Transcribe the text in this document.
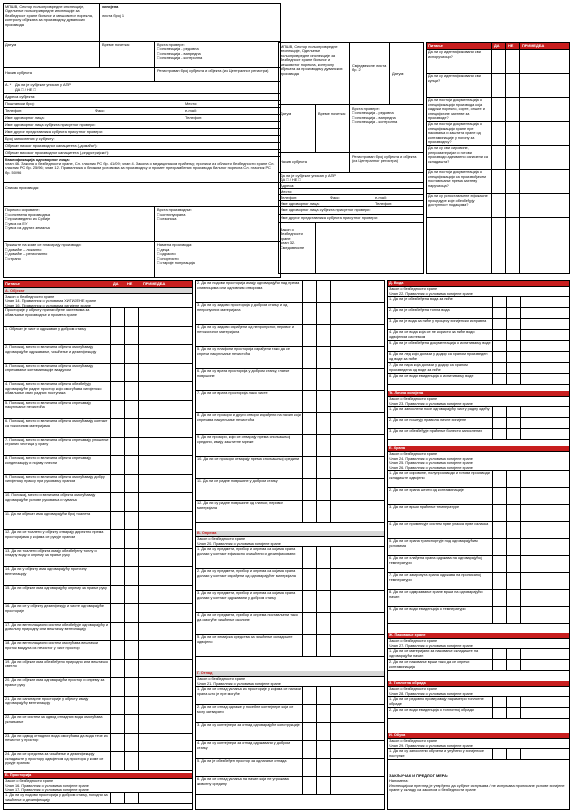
МПШВ, Сектор пољопривредне инспекције, Одељење пољопривредне инспекције за безбедност хране биљног и мешовитог порекла, контролу објеката за производњу дуванских производа
хигијена
листа број 1
Датум	Време почетка:	Врста провере:
□ инспекција - редовна
□ инспекција - ванредна
□ инспекција - контролна
Назив субјекта	Регистрован број субјекта и објекта (из Централног регистра)
А. * Да ли је субјекат уписан у АПР
ДА □ / НЕ □
Адреса субјекта:
Поштански број:	Место:
Телефон:	Факс:	e-mail:
Име одговорног лица:	Телефон:
Име одговорног лица субјекта присутног провери:
Име другог представника субјекта присутног провери:
Број запослених у субјекту:
Објекат ниског производног капацитета („домаћи“):
Објекат високог производног капацитета („индустријски“):
Квалификација одговорног лица:
члан 46. Закона о безбедности хране, Сл. гласник РС бр. 41/09; члан 4. Закона о медицинском праћењу; прописи из области безбедности хране Сл. гласник РС бр. 25/96; члан 12. Правилника о ближим условима за производњу и промет прехрамбених производа биљног порекла Сл. гласник РС бр. 50/96
Списак производа:
Порекло сировине:
□ сопствена производња
□ произведено из Србије
□ увоз из ЕУ
□ увоз из других земаља
Врста производње:
□ континуирана
□ сезонска
Тржиште на коме се пласирају производи:
□ домаће – локално
□ домаће – регионално
□ страно
Намена производа:
□ деца
□ одрасли
□ спортисти
□ старије популација
МПШВ, Сектор пољопривредне инспекције, Одељење пољопривредне инспекције за безбедност хране биљног и мешовитог порекла, контролу објеката за производњу дуванских производа
Смједвексне листа бр. 2
Датум:
Датум	Време почетка:
Врста провере:
□ инспекција - редовна
□ инспекција - ванредна
□ инспекција - контролна
Назив субјекта
Регистрован број субјекта и објекта (из Централног регистра)
Да ли је субјекат уписан у АПР
ДА □ / НЕ □
Адреса:
Место:
Телефон:	Факс:	e-mail:
Име одговорног лица:	Телефон:
Име одговорног лица субјекта присутног провери:
Име другог представника субјекта присутног провери:
Закон о безбедности хране
члан 32.
Смедовексне
Питање	ДА	НЕ	ПРИМЕДБА
Да ли су идентификовани сви испоручиоци?
Да ли су идентификовани сви купци?
Да ли постоји документација о спецификацији производа која садржи порекло, сорте, опште и специфичне захтеве за производе?
Да ли постоји документација о спецификацији хране пре паковања и заштита хране од контаминације у погону за производњу?
Да ли су сви сировине, репроматеријал и готови производи адекватно означени са складишта?
Да ли постоји документација о спецификацији са произвођачем постављање према захтеву наручиоца?
Да ли су успостављене ефикасне процедуре које обезбеђују доступност подацима?
Питање	ДА	НЕ	ПРИМЕДБА
А. Објекат
Закон о безбедности хране
Члан 14. Правилник о условима ХИГИЈЕНЕ хране
Члан 16. Правилник о условима хигијене хране
Просторије у објекту прилагођене захтевима за обављање производње и промета хране
1. Објекат је чист и одржаван у добром стању
2. Положај, место и величина објекта омогућавају одговарајуће одржавање, чишћење и дезинфекцију
3. Положај, место и величина објекта омогућавају спречавање контаминације ваздухом
4. Положај, место и величина објекта обезбеђују одговарајуће радне простор који омогућава хигијенско обављање свих радних поступака
5. Положај, место и величина објекта спречавају накупљање нечистоћа
6. Положај, место и величина објекта омогућавају контакт са токсичним материјама
7. Положај, место и величина објекта спречавају уношење страних честица у храну
8. Положај, место и величина објекта спречавају кондензацију и појаву плесни
9. Положај, место и величина објекта омогућавају добру хигијенску праксу при руковању храном
10. Положај, место и величина објекта омогућавају одговарајуће услове руковања и чувања
11. Да ли објекат има одговарајући број тоалета
12. Да ли се тоалети у објекту отварају директно према просторијама у којима се рукује храном
13. Да ли тоалети објекта имају обезбеђену топлу и хладну воду и опрему за прање руку
14. Да ли у објекту има одговарајућу проточну вентилацију
15. Да ли објекат има одговарајућу опрему за прање руку
16. Да ли се у објекту дезинфекују и чисте одговарајуће просторије
17. Да ли вентилациони систем обезбеђује одговарајућу и довољну природну или вештачку вентилацију
18. Да ли вентилациони систем омогућава вештачки проток ваздуха из нечистог у чист простор
19. Да ли објекат има обезбеђено природно или вештачко светло
20. Да ли објекат има одговарајући простор и опрему за прање руку
21. Да ли санитарне просторије у објекту имају одговарајућу вентилацију
22. Да ли се систем за одвод отпадних вода омогућава уклањање
23. Да ли одвод отпадних вода омогућава да вода тече из нечистог у простор
24. Да ли се средства за чишћење и дезинфекцију складиште у простору одвојеном од простора у коме се рукује храном
Б. Просторија
Закон о безбедности хране
Члан 16. Правилник о условима хигијене хране
Члан 17. Правилник о условима хигијене хране
1. Да ли су подови просторија у добром стању, погодни за чишћење и дезинфекцију
2. Да ли подови просторија имају одговарајући пад према сливницима или одливним отворима
3. Да ли су зидови просторија у добром стању и од непропусних материјала
4. Да ли су зидови израђени од непропусног, перивог и нетоксичног материјала
5. Да ли су плафони просторија израђени тако да се спречи накупљање нечистоћа
6. Да ли су врата просторија у добром стању, глатке површине
7. Да ли се врата просторија лако чисте
8. Да ли се прозори и други отвори израђени на начин који спречава накупљање нечистоћа
9. Да ли прозори, који се отварају према спољашњој средини, имају заштитне мреже
10. Да ли се прозори отварају према спољашњој средини
11. Да ли се радне површине у добром стању
12. Да ли су радне површине од глатког, перивог материјала
В. Опрема
Закон о безбедности хране
Члан 20. Правилник о условима хигијене хране
1. Да ли су предмети, прибор и опрема са којима храна долази у контакт ефикасно очишћени и дезинфиковани
2. Да ли су предмети, прибор и опрема са којима храна долази у контакт израђени од одговарајућег материјала
3. Да ли су предмети, прибор и опрема са којима храна долази у контакт одржавани у добром стању
4. Да ли се предмети, прибор и опрема постављени тако да омогуће чишћење околине
5. Да ли се хемијска средства за чишћење складиште одвојено
Г. Отпад
Закон о безбедности хране
Члан 21. Правилник о условима хигијене хране
1. Да ли се отпад уклања из просторије у којима се налази храна што је пре могуће
2. Да ли се отпад одлаже у посебне контејнере који се могу затварати
3. Да ли су контејнери за отпад одговарајуће конструкције
4. Да ли су контејнери за отпад одржавани у добром стању
5. Да ли је обезбеђен простор за одлагање отпада
6. Да ли се отпад уклања на начин који не угрожава животну средину
Д. Вода
Закон о безбедности хране
Члан 22. Правилник о условима хигијене хране
1. Да ли је обезбеђена вода за пиће
2. Да ли је обезбеђена топла вода
3. Да ли је вода за пиће у процесу хигијенски исправна
4. Да ли се вода која се не користи за пиће води одвојеним системом
5. Да ли је обезбеђена документација о испитивању воде
6. Да ли лед који долази у додир са храном произведен од воде за пиће
7. Да ли пара која долази у додир са храном произведена од воде за пиће
8. Да ли се води евиденција о испитивању воде
Ђ. Лична хигијена
Закон о безбедности хране
Члан 23. Правилник о условима хигијене хране
1. Да ли запослени носе одговарајућу чисту радну одећу
2. Да ли се поштују правила личне хигијене
3. Да ли се обезбеђује праћење болести запослених
Е. Храна
Закон о безбедности хране
Члан 24. Правилник о условима хигијене хране
Члан 25. Правилник о условима хигијене хране
Члан 26. Правилник о условима хигијене хране
1. Да ли се сировине, полупроизводи и готови производи складиште одвојено
2. Да ли се храна штити од контаминације
3. Да ли се врши праћење температуре
4. Да ли се примењује систем прве уласка прве изласка
5. Да ли се храна транспортује под одговарајућим условима
6. Да ли се хлађена храна одржава на одговарајућој температури
7. Да ли се замрзнута храна одржава на прописаној температури
8. Да ли се одмрзавање хране врши на одговарајући начин
9. Да ли се води евиденција о температури
Ж. Паковање хране
Закон о безбедности хране
Члан 27. Правилник о условима хигијене хране
1. Да ли се материјали за паковање складиште на одговарајући начин
2. Да ли се паковање врши тако да се спречи контаминација
З. Топлотна обрада
Закон о безбедности хране
Члан 28. Правилник о условима хигијене хране
1. Да ли се редовно проверавају параметри топлотне обраде
2. Да ли се води евиденција о топлотној обради
И. Обука
Закон о безбедности хране
Члан 29. Правилник о условима хигијене хране
1. Да ли су запослени обучени и упућени у хигијенске поступке
ЗАКЉУЧАК И ПРЕДЛОГ МЕРА:
Напомена:
Инспекцијски преглед је утврђено да субјект испуњава / не испуњава прописане услове хигијене хране у складу са законом о безбедности хране
